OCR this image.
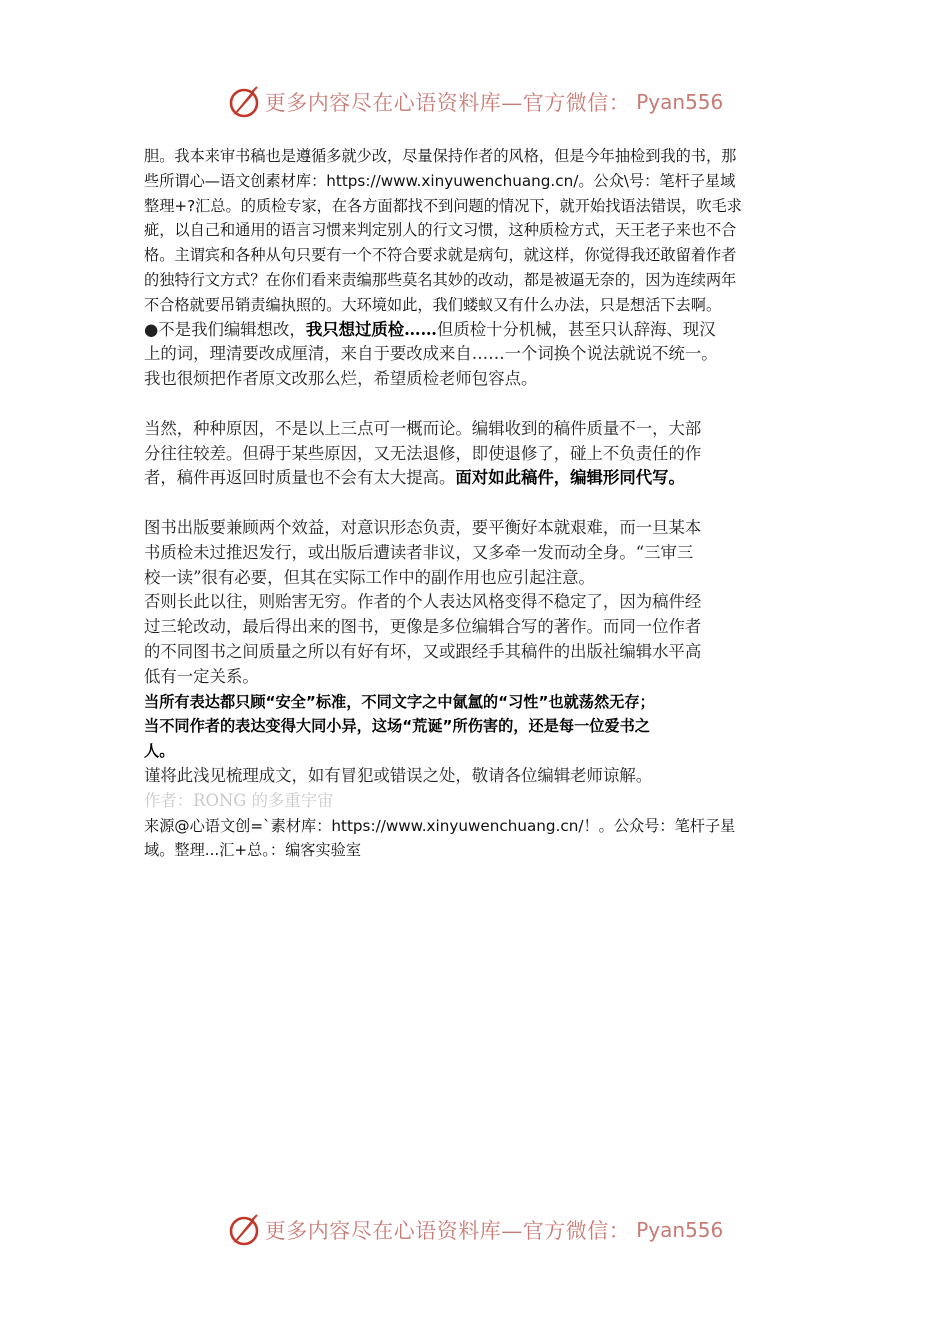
更多内容尽在心语资料库—官方微信： Pyan556
胆。我本来审书稿也是遵循多就少改，尽量保持作者的风格，但是今年抽检到我的书，那
些所谓心—语文创素材库：https://www.xinyuwenchuang.cn/。公众\号：笔杆子星域
整理+?汇总。的质检专家，在各方面都找不到问题的情况下，就开始找语法错误，吹毛求
疵，以自己和通用的语言习惯来判定别人的行文习惯，这种质检方式，天王老子来也不合
格。主谓宾和各种从句只要有一个不符合要求就是病句，就这样，你觉得我还敢留着作者
的独特行文方式？在你们看来责编那些莫名其妙的改动，都是被逼无奈的，因为连续两年
不合格就要吊销责编执照的。大环境如此，我们蝼蚁又有什么办法，只是想活下去啊。
●不是我们编辑想改，我只想过质检……但质检十分机械，甚至只认辞海、现汉
上的词，理清要改成厘清，来自于要改成来自……一个词换个说法就说不统一。
我也很烦把作者原文改那么烂，希望质检老师包容点。
当然，种种原因，不是以上三点可一概而论。编辑收到的稿件质量不一，大部
分往往较差。但碍于某些原因，又无法退修，即使退修了，碰上不负责任的作
者，稿件再返回时质量也不会有太大提高。面对如此稿件，编辑形同代写。
图书出版要兼顾两个效益，对意识形态负责，要平衡好本就艰难，而一旦某本
书质检未过推迟发行，或出版后遭读者非议，又多牵一发而动全身。“三审三
校一读”很有必要，但其在实际工作中的副作用也应引起注意。
否则长此以往，则贻害无穷。作者的个人表达风格变得不稳定了，因为稿件经
过三轮改动，最后得出来的图书，更像是多位编辑合写的著作。而同一位作者
的不同图书之间质量之所以有好有坏，又或跟经手其稿件的出版社编辑水平高
低有一定关系。
当所有表达都只顾“安全”标准，不同文字之中氤氲的“习性”也就荡然无存；
当不同作者的表达变得大同小异，这场“荒诞”所伤害的，还是每一位爱书之
人。
谨将此浅见梳理成文，如有冒犯或错误之处，敬请各位编辑老师谅解。
作者：RONG 的多重宇宙
来源@心语文创=`素材库：https://www.xinyuwenchuang.cn/！。公众号：笔杆子星
域。整理...汇+总。：编客实验室
更多内容尽在心语资料库—官方微信： Pyan556
